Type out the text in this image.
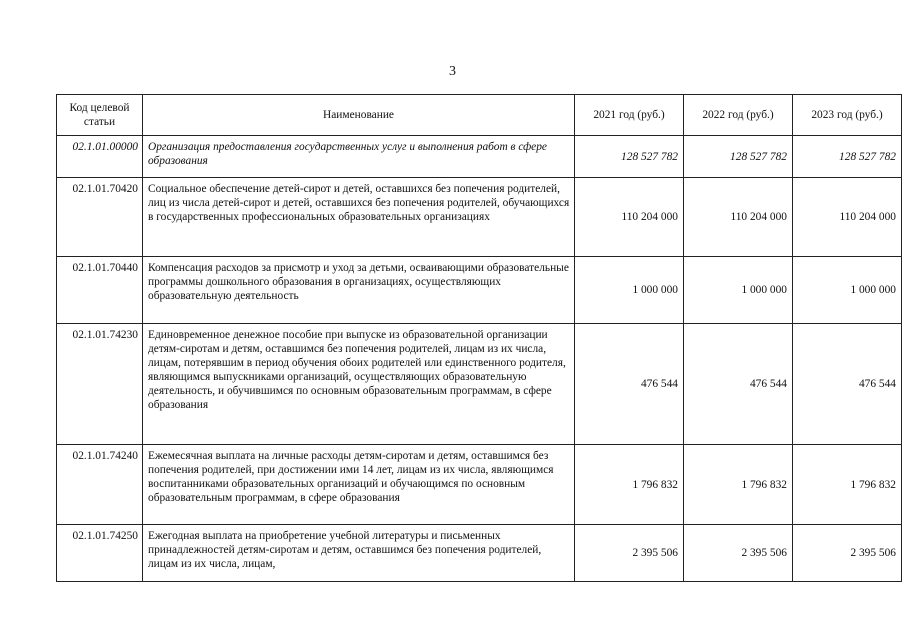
3
Код целевой статьи	Наименование	2021 год (руб.)	2022 год (руб.)	2023 год (руб.)
02.1.01.00000	Организация предоставления государственных услуг и выполнения работ в сфере образования	128 527 782	128 527 782	128 527 782
02.1.01.70420	Социальное обеспечение детей-сирот и детей, оставшихся без попечения родителей, лиц из числа детей-сирот и детей, оставшихся без попечения родителей, обучающихся в государственных профессиональных образовательных организациях	110 204 000	110 204 000	110 204 000
02.1.01.70440	Компенсация расходов за присмотр и уход за детьми, осваивающими образовательные программы дошкольного образования в организациях, осуществляющих образовательную деятельность	1 000 000	1 000 000	1 000 000
02.1.01.74230	Единовременное денежное пособие при выпуске из образовательной организации детям-сиротам и детям, оставшимся без попечения родителей, лицам из их числа, лицам, потерявшим в период обучения обоих родителей или единственного родителя, являющимся выпускниками организаций, осуществляющих образовательную деятельность, и обучившимся по основным образовательным программам, в сфере образования	476 544	476 544	476 544
02.1.01.74240	Ежемесячная выплата на личные расходы детям-сиротам и детям, оставшимся без попечения родителей, при достижении ими 14 лет, лицам из их числа, являющимся воспитанниками образовательных организаций и обучающимся по основным образовательным программам, в сфере образования	1 796 832	1 796 832	1 796 832
02.1.01.74250	Ежегодная выплата на приобретение учебной литературы и письменных принадлежностей детям-сиротам и детям, оставшимся без попечения родителей, лицам из их числа, лицам,	2 395 506	2 395 506	2 395 506
